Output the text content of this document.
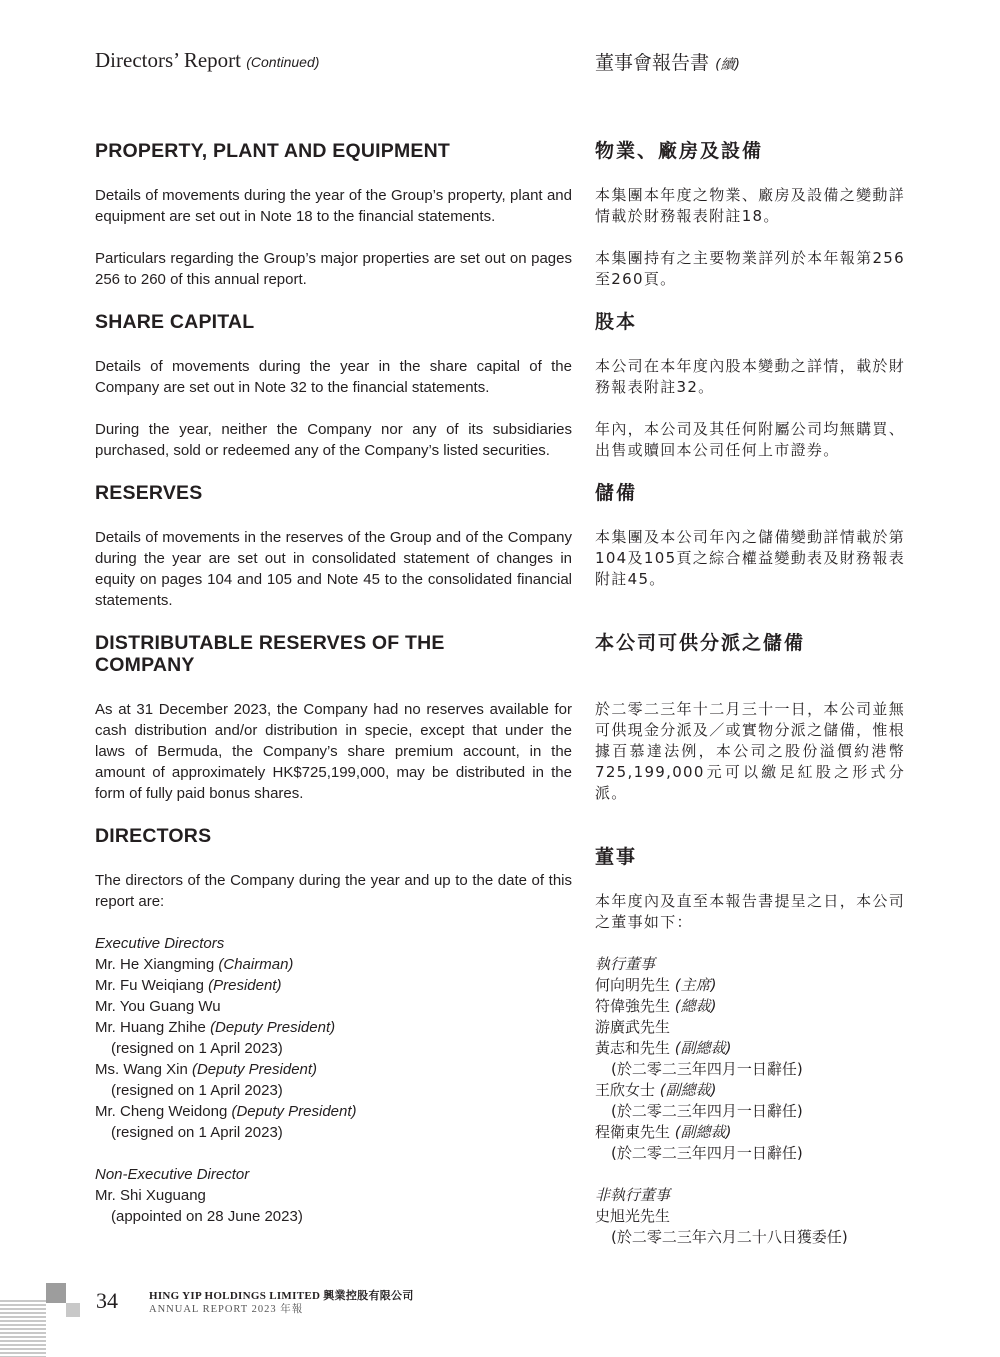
Directors’ Report (Continued)	董事會報告書 (續)
PROPERTY, PLANT AND EQUIPMENT

Details of movements during the year of the Group’s property, plant and equipment are set out in Note 18 to the financial statements.

Particulars regarding the Group’s major properties are set out on pages 256 to 260 of this annual report.

SHARE CAPITAL

Details of movements during the year in the share capital of the Company are set out in Note 32 to the financial statements.

During the year, neither the Company nor any of its subsidiaries purchased, sold or redeemed any of the Company’s listed securities.

RESERVES

Details of movements in the reserves of the Group and of the Company during the year are set out in consolidated statement of changes in equity on pages 104 and 105 and Note 45 to the consolidated financial statements.

DISTRIBUTABLE RESERVES OF THE COMPANY

As at 31 December 2023, the Company had no reserves available for cash distribution and/or distribution in specie, except that under the laws of Bermuda, the Company’s share premium account, in the amount of approximately HK$725,199,000, may be distributed in the form of fully paid bonus shares.

DIRECTORS

The directors of the Company during the year and up to the date of this report are:

Executive Directors
Mr. He Xiangming (Chairman)
Mr. Fu Weiqiang (President)
Mr. You Guang Wu
Mr. Huang Zhihe (Deputy President)
(resigned on 1 April 2023)
Ms. Wang Xin (Deputy President)
(resigned on 1 April 2023)
Mr. Cheng Weidong (Deputy President)
(resigned on 1 April 2023)
Non-Executive Director
Mr. Shi Xuguang
(appointed on 28 June 2023)
物業、廠房及設備

本集團本年度之物業、廠房及設備之變動詳情載於財務報表附註18。

本集團持有之主要物業詳列於本年報第256至260頁。

股本

本公司在本年度內股本變動之詳情，載於財務報表附註32。

年內，本公司及其任何附屬公司均無購買、出售或贖回本公司任何上市證券。

儲備

本集團及本公司年內之儲備變動詳情載於第104及105頁之綜合權益變動表及財務報表附註45。

本公司可供分派之儲備

於二零二三年十二月三十一日，本公司並無可供現金分派及／或實物分派之儲備，惟根據百慕達法例，本公司之股份溢價約港幣725,199,000元可以繳足紅股之形式分派。

董事

本年度內及直至本報告書提呈之日，本公司之董事如下：

執行董事
何向明先生 (主席)
符偉強先生 (總裁)
游廣武先生
黃志和先生 (副總裁)
(於二零二三年四月一日辭任)
王欣女士 (副總裁)
(於二零二三年四月一日辭任)
程衛東先生 (副總裁)
(於二零二三年四月一日辭任)
非執行董事
史旭光先生
(於二零二三年六月二十八日獲委任)
34	HING YIP HOLDINGS LIMITED 興業控股有限公司
ANNUAL REPORT 2023 年報
